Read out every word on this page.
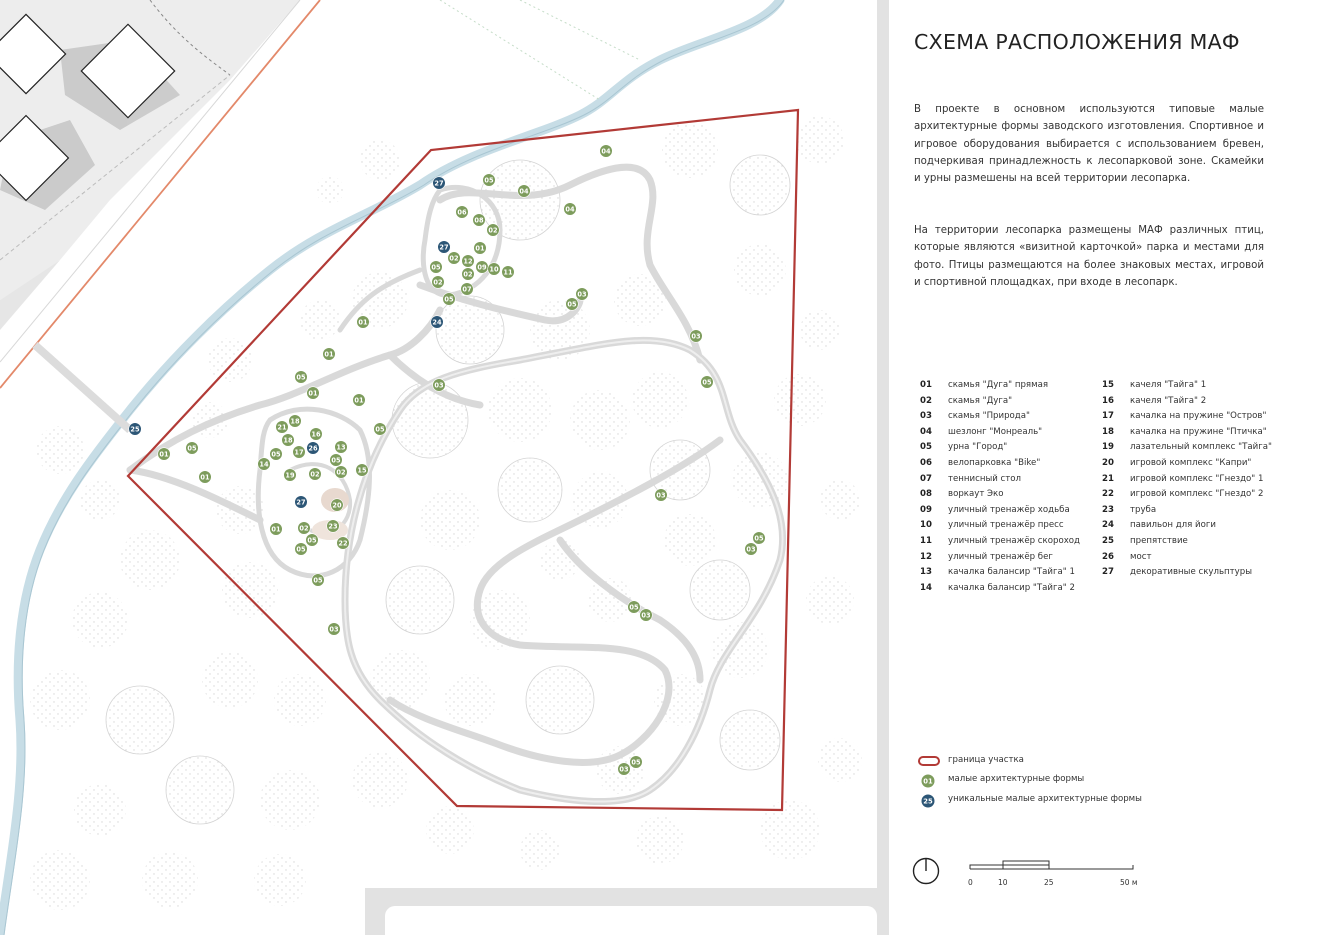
04
04
04
27	05
06
08
02
27	01
02 12
09 10 11
05
02
02
07
05
03
05
24
01
01
05
01
01
03
03
05
25
01
05
01
21
18
18
16
05 17 26	13
14	05
19 02	02 15
05
27	20
01	02	23
05
05
22
05
03
03
05
03
05
03
05
03
СХЕМА РАСПОЛОЖЕНИЯ МАФ
В проекте в основном используются типовые малые архитектурные формы заводского изготовления. Спортивное и игровое оборудования выбирается с использованием бревен, подчеркивая принадлежность к лесопарковой зоне. Скамейки и урны размешены на всей территории лесопарка.
На территории лесопарка размещены МАФ различных птиц, которые являются «визитной карточкой» парка и местами для фото. Птицы размещаются на более знаковых местах, игровой и спортивной площадках, при входе в лесопарк.
01 скамья "Дуга" прямая
02 скамья "Дуга"
03 скамья "Природа"
04 шезлонг "Монреаль"
05 урна "Город"
06 велопарковка "Bike"
07 теннисный стол
08 воркаут Эко
09 уличный тренажёр ходьба
10 уличный тренажёр пресс
11 уличный тренажёр скороход
12 уличный тренажёр бег
13 качалка балансир "Тайга" 1
14 качалка балансир "Тайга" 2
15 качеля "Тайга" 1
16 качеля "Тайга" 2
17 качалка на пружине "Остров"
18 качалка на пружине "Птичка"
19 лазательный комплекс "Тайга"
20 игровой комплекс "Капри"
21 игровой комплекс "Гнездо" 1
22 игровой комплекс "Гнездо" 2
23 труба
24 павильон для йоги
25 препятствие
26 мост
27 декоративные скульптуры
граница участка
01 малые архитектурные формы
25 уникальные малые архитектурные формы
0	10	25	50 м
